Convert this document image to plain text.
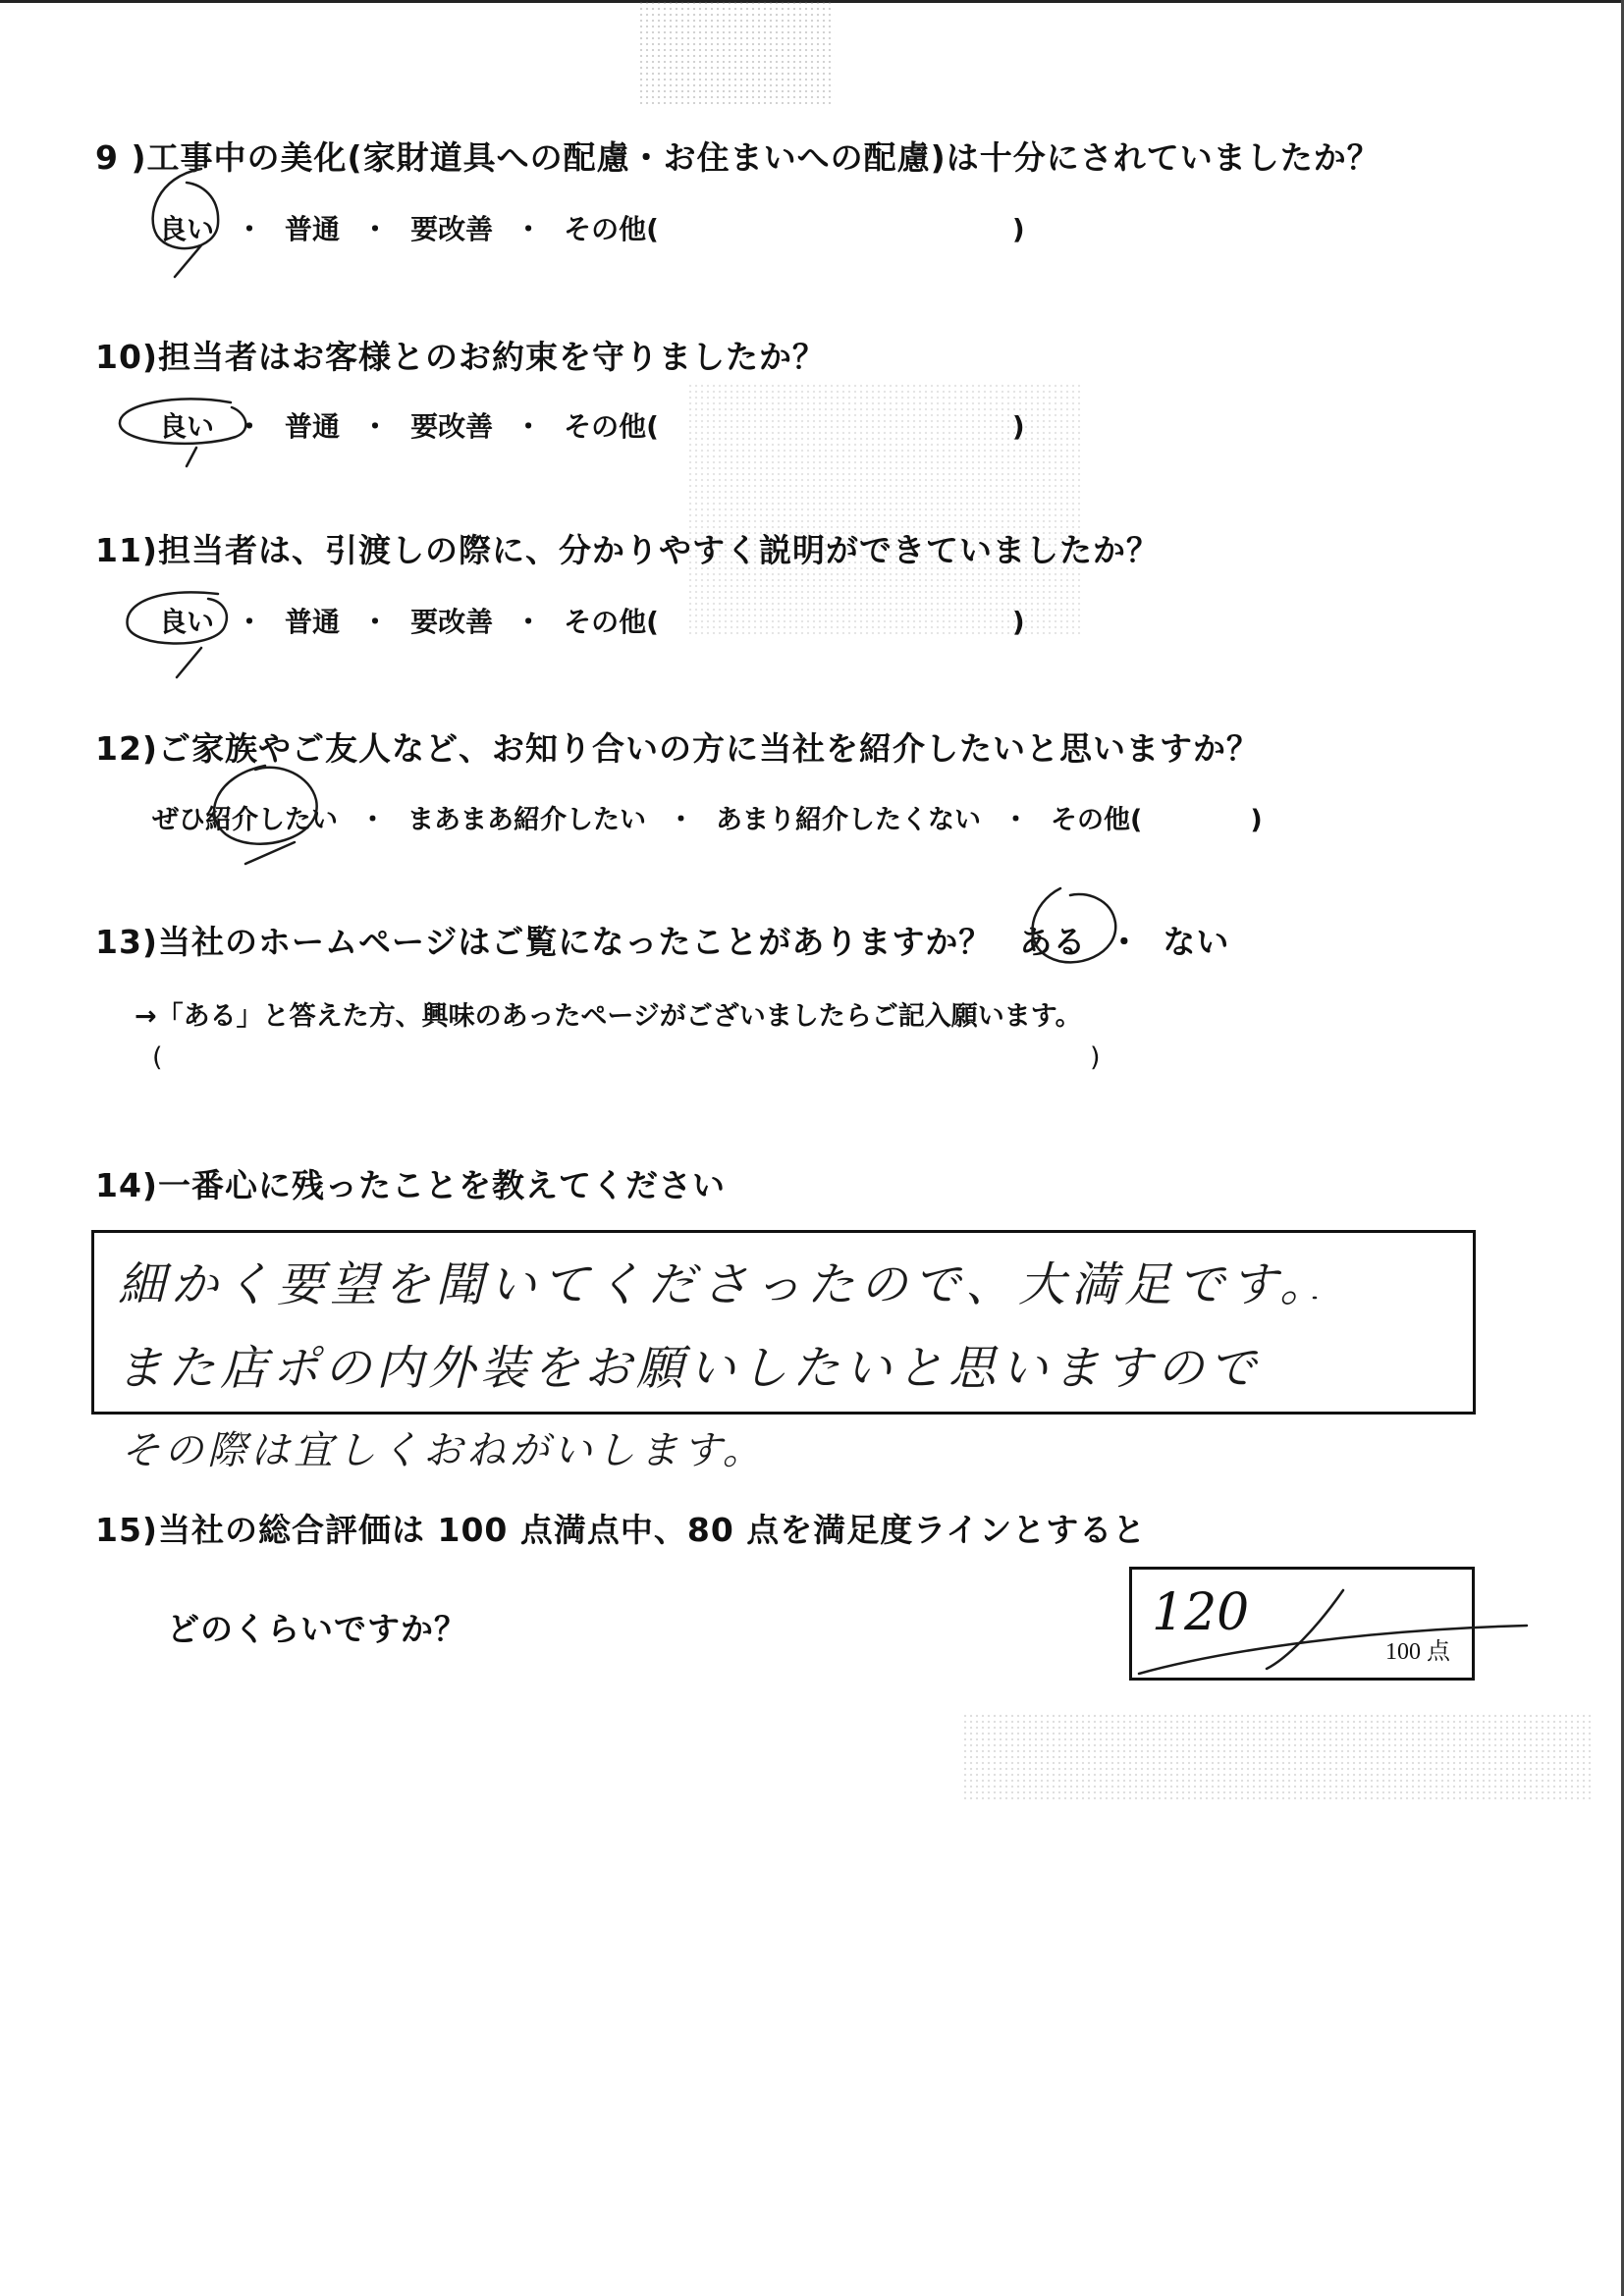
9 )工事中の美化(家財道具への配慮・お住まいへの配慮)は十分にされていましたか？
良い ・ 普通 ・ 要改善 ・ その他(	)
10)担当者はお客様とのお約束を守りましたか？
良い ・ 普通 ・ 要改善 ・ その他(	)
11)担当者は、引渡しの際に、分かりやすく説明ができていましたか？
良い ・ 普通 ・ 要改善 ・ その他(	)
12)ご家族やご友人など、お知り合いの方に当社を紹介したいと思いますか？
ぜひ紹介したい ・ まあまあ紹介したい ・ あまり紹介したくない ・ その他(	)
13)当社のホームページはご覧になったことがありますか？ ある ・ ない
→「ある」と答えた方、興味のあったページがございましたらご記入願います。
(	)
14)一番心に残ったことを教えてください
細かく要望を聞いてくださったので、大満足です。
また店ポの内外装をお願いしたいと思いますので
その際は宜しくおねがいします。
15)当社の総合評価は 100 点満点中、80 点を満足度ラインとすると
どのくらいですか？	120
100 点
